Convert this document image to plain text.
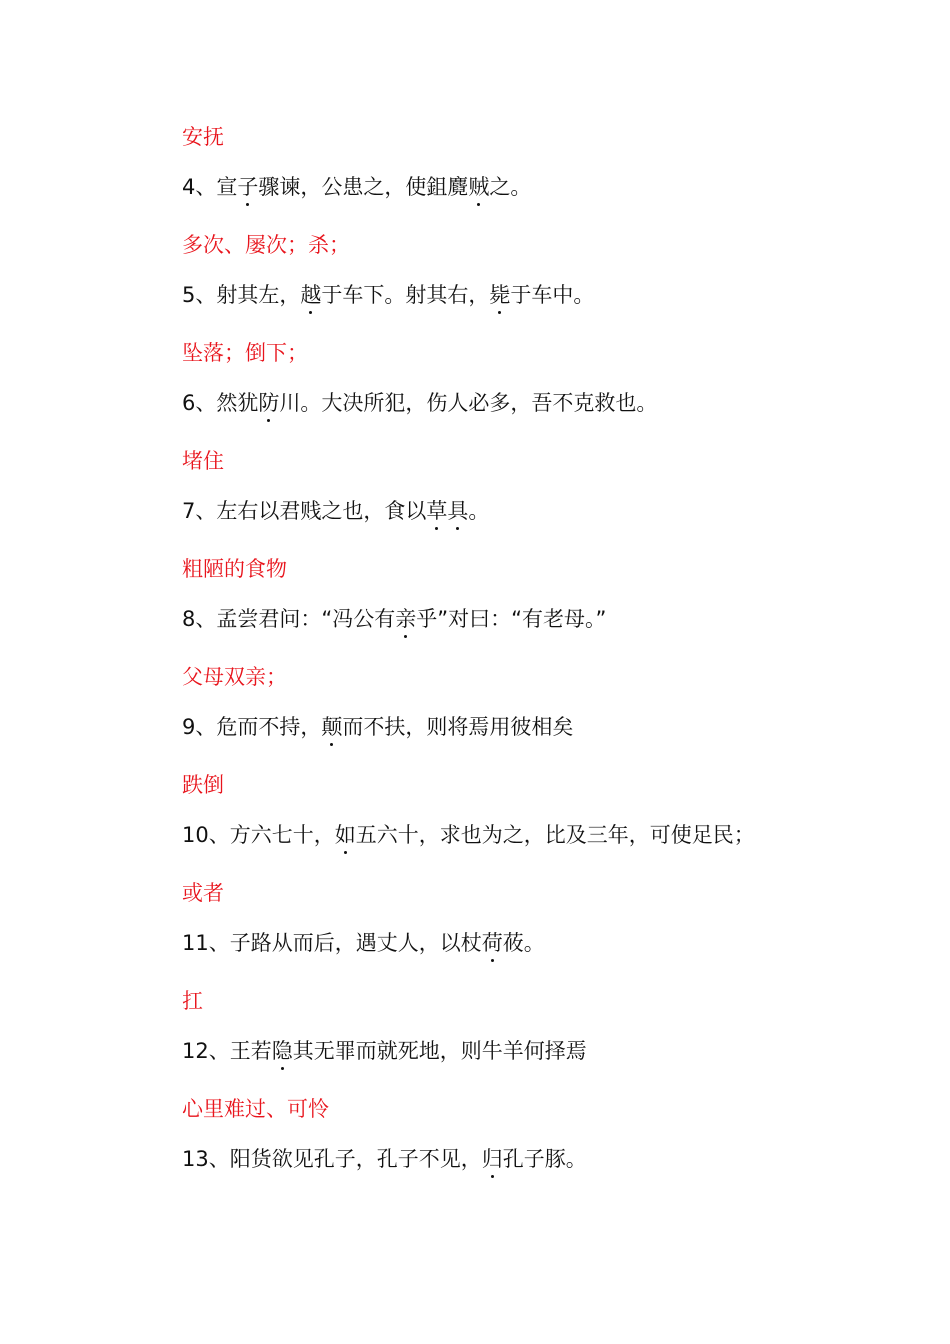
安抚
4、宣子骤谏，公患之，使鉏麑贼之。
多次、屡次；杀；
5、射其左，越于车下。射其右，毙于车中。
坠落；倒下；
6、然犹防川。大决所犯，伤人必多，吾不克救也。
堵住
7、左右以君贱之也，食以草具。
粗陋的食物
8、孟尝君问：“冯公有亲乎”对曰：“有老母。”
父母双亲；
9、危而不持，颠而不扶，则将焉用彼相矣
跌倒
10、方六七十，如五六十，求也为之，比及三年，可使足民；
或者
11、子路从而后，遇丈人，以杖荷莜。
扛
12、王若隐其无罪而就死地，则牛羊何择焉
心里难过、可怜
13、阳货欲见孔子，孔子不见，归孔子豚。
